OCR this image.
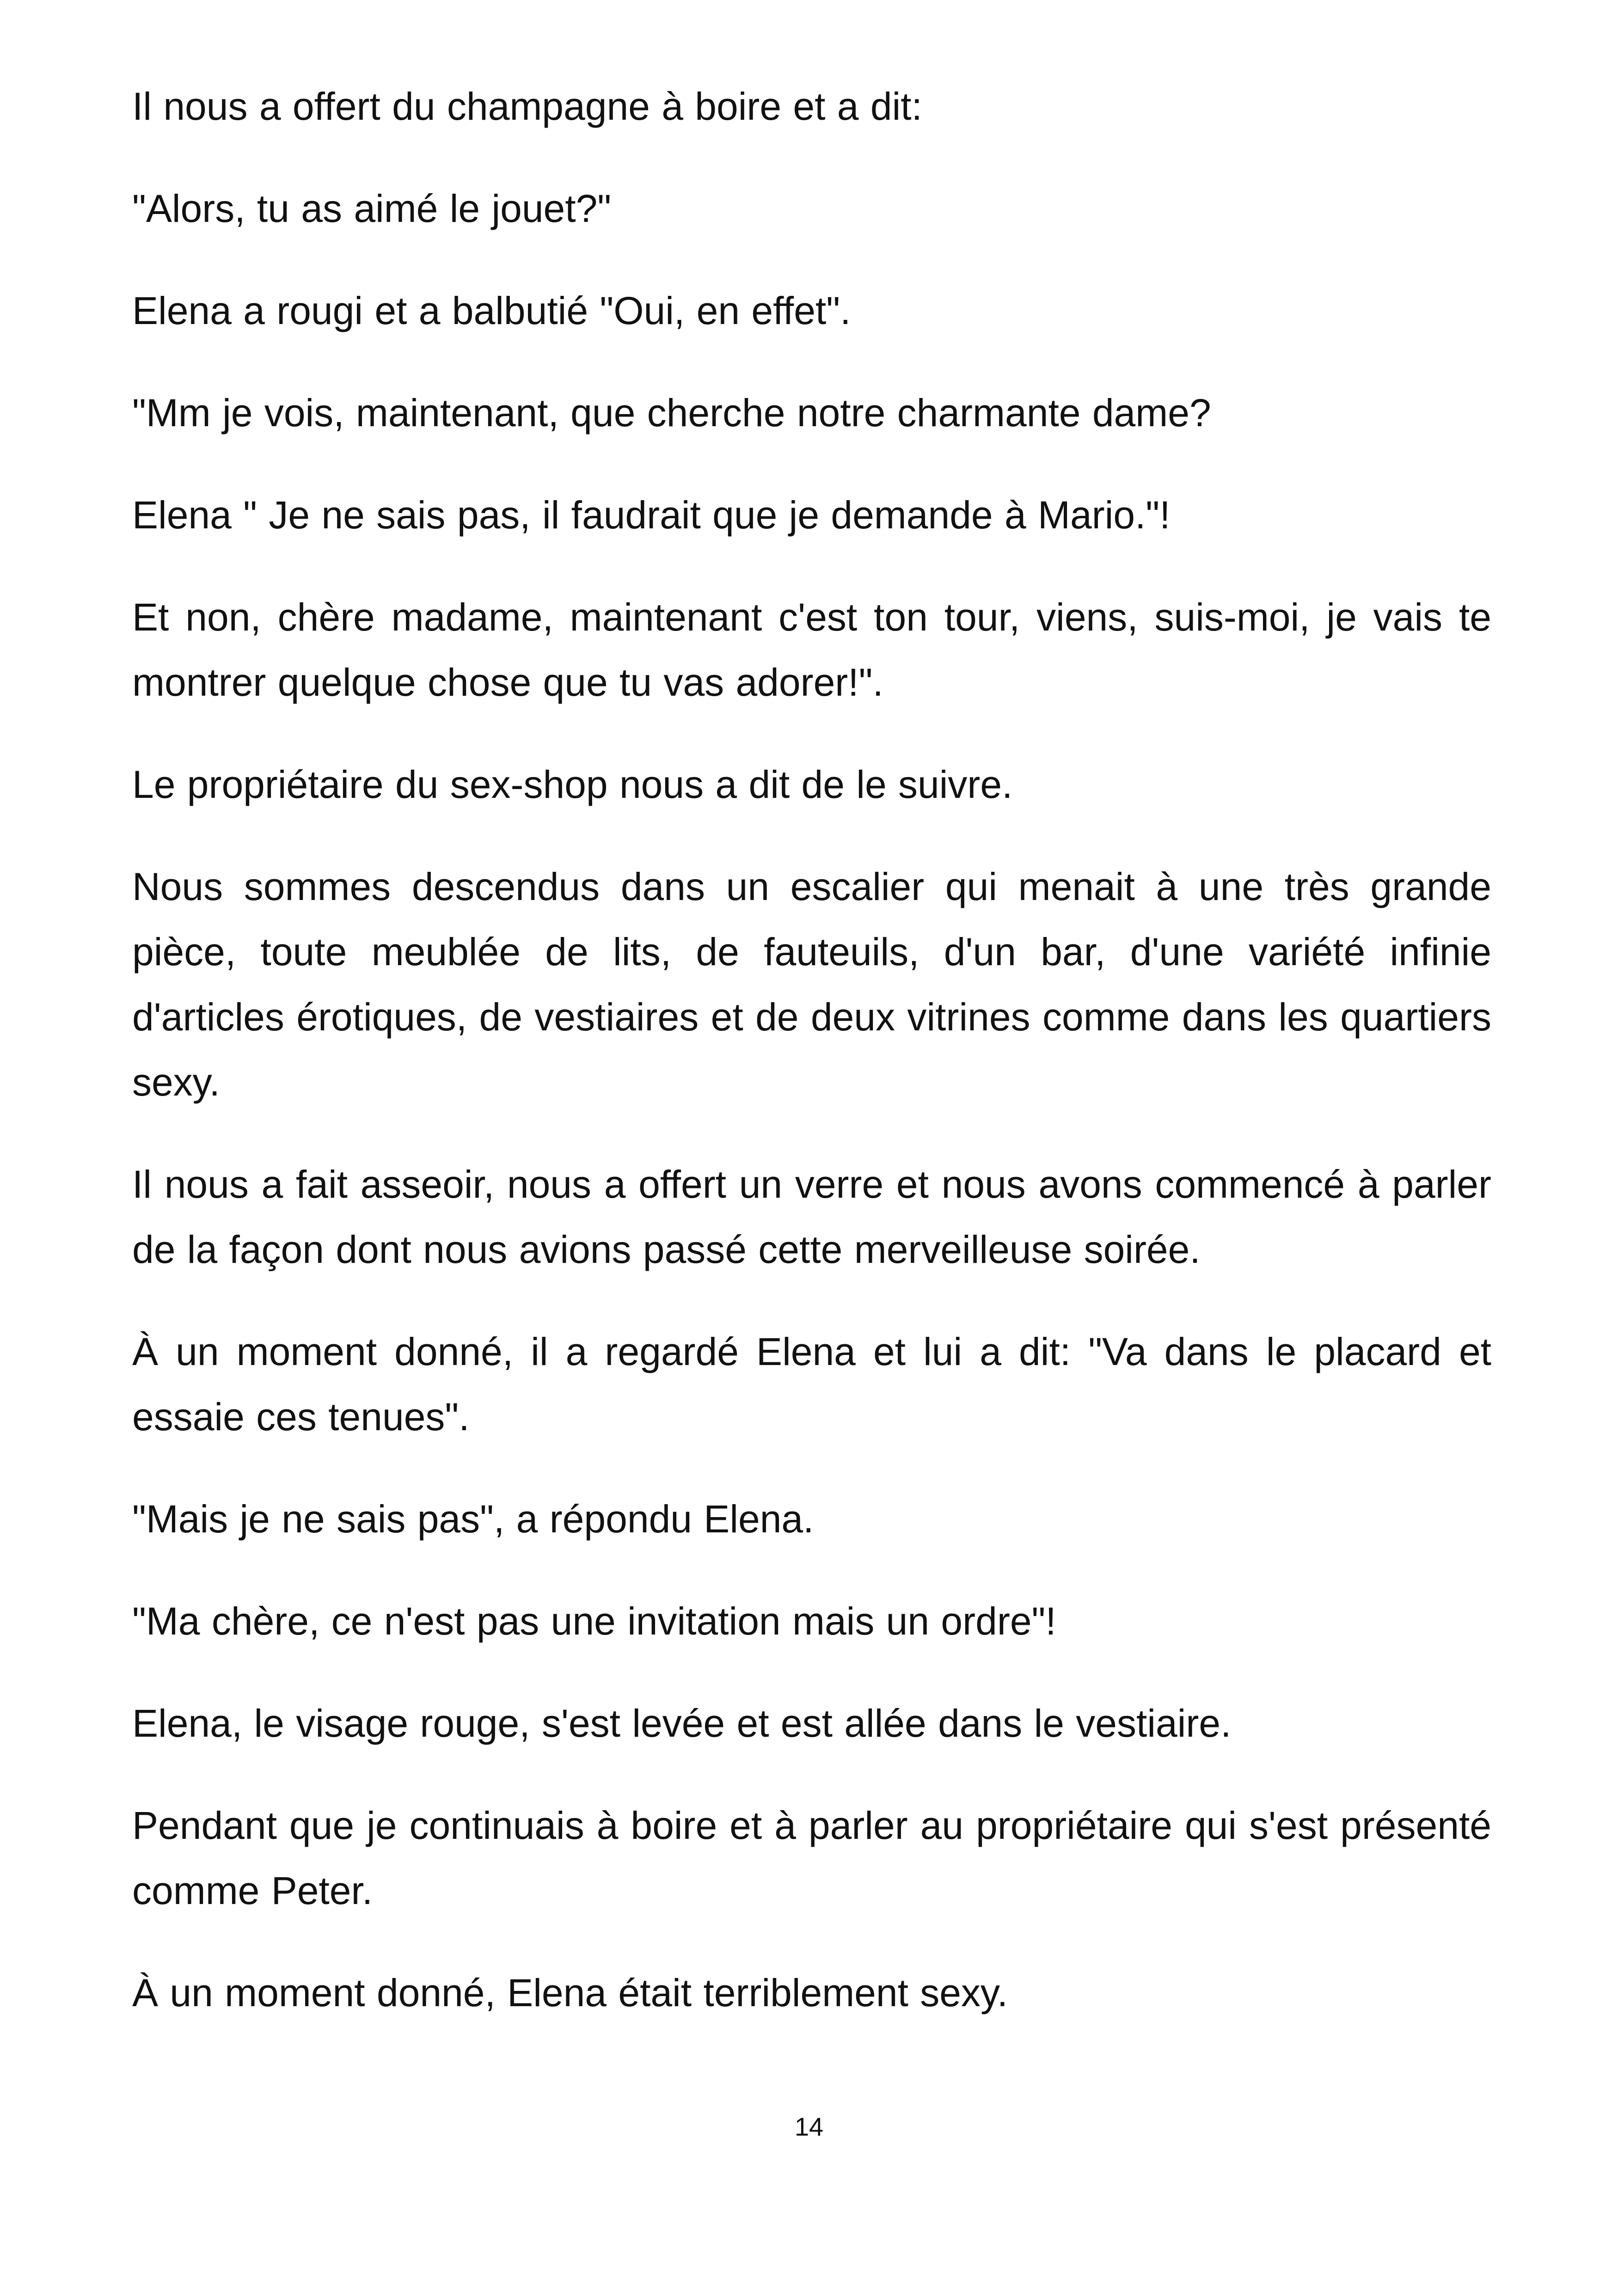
Il nous a offert du champagne à boire et a dit:

"Alors, tu as aimé le jouet?"

Elena a rougi et a balbutié "Oui, en effet".

"Mm je vois, maintenant, que cherche notre charmante dame?

Elena " Je ne sais pas, il faudrait que je demande à Mario."!

Et non, chère madame, maintenant c'est ton tour, viens, suis-moi, je vais te montrer quelque chose que tu vas adorer!".

Le propriétaire du sex-shop nous a dit de le suivre.

Nous sommes descendus dans un escalier qui menait à une très grande pièce, toute meublée de lits, de fauteuils, d'un bar, d'une variété infinie d'articles érotiques, de vestiaires et de deux vitrines comme dans les quartiers sexy.

Il nous a fait asseoir, nous a offert un verre et nous avons commencé à parler de la façon dont nous avions passé cette merveilleuse soirée.

À un moment donné, il a regardé Elena et lui a dit: "Va dans le placard et essaie ces tenues".

"Mais je ne sais pas", a répondu Elena.

"Ma chère, ce n'est pas une invitation mais un ordre"!

Elena, le visage rouge, s'est levée et est allée dans le vestiaire.

Pendant que je continuais à boire et à parler au propriétaire qui s'est présenté comme Peter.

À un moment donné, Elena était terriblement sexy.

14
